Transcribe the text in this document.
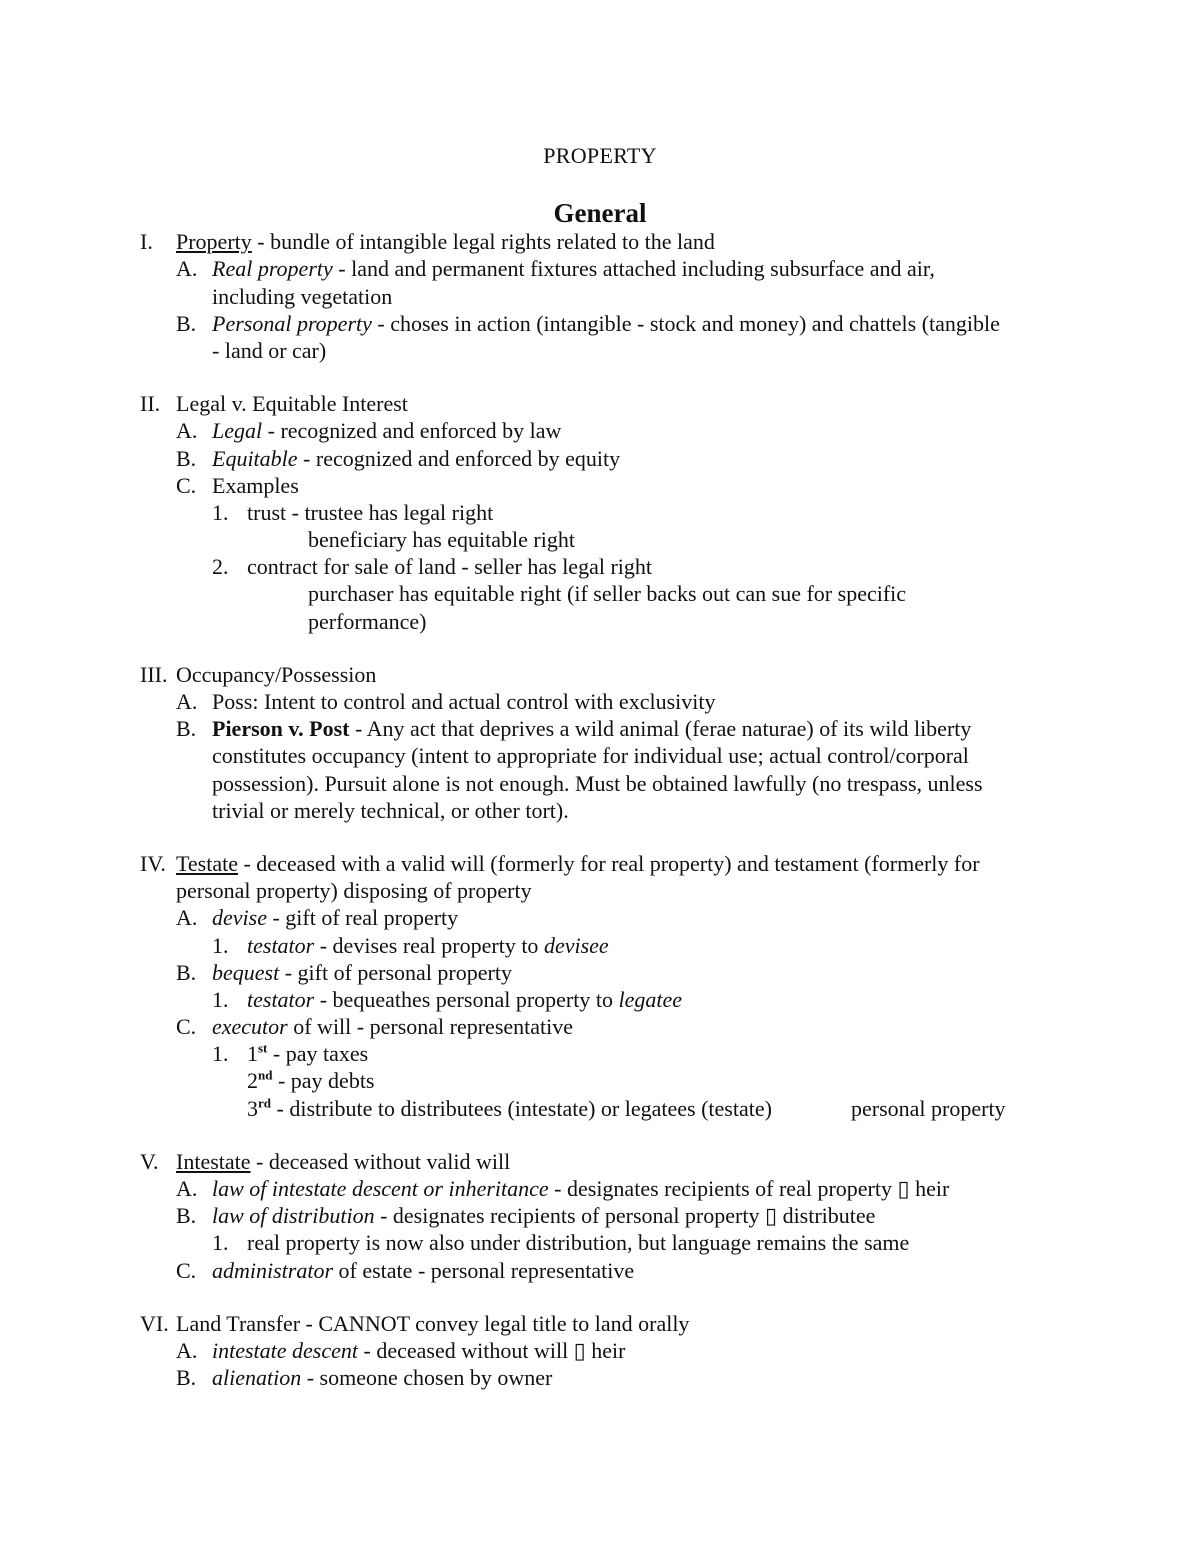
PROPERTY
General
I. Property - bundle of intangible legal rights related to the land
A. Real property - land and permanent fixtures attached including subsurface and air,
including vegetation
B. Personal property - choses in action (intangible - stock and money) and chattels (tangible
- land or car)
II. Legal v. Equitable Interest
A. Legal - recognized and enforced by law
B. Equitable - recognized and enforced by equity
C. Examples
1. trust - trustee has legal right
beneficiary has equitable right
2. contract for sale of land - seller has legal right
purchaser has equitable right (if seller backs out can sue for specific
performance)
III. Occupancy/Possession
A. Poss: Intent to control and actual control with exclusivity
B. Pierson v. Post - Any act that deprives a wild animal (ferae naturae) of its wild liberty
constitutes occupancy (intent to appropriate for individual use; actual control/corporal
possession). Pursuit alone is not enough. Must be obtained lawfully (no trespass, unless
trivial or merely technical, or other tort).
IV. Testate - deceased with a valid will (formerly for real property) and testament (formerly for
personal property) disposing of property
A. devise - gift of real property
1. testator - devises real property to devisee
B. bequest - gift of personal property
1. testator - bequeathes personal property to legatee
C. executor of will - personal representative
1. 1st - pay taxes
2nd - pay debts
3rd - distribute to distributees (intestate) or legatees (testate)	personal property
V. Intestate - deceased without valid will
A. law of intestate descent or inheritance - designates recipients of real property ▯ heir
B. law of distribution - designates recipients of personal property ▯ distributee
1. real property is now also under distribution, but language remains the same
C. administrator of estate - personal representative
VI. Land Transfer - CANNOT convey legal title to land orally
A. intestate descent - deceased without will ▯ heir
B. alienation - someone chosen by owner
